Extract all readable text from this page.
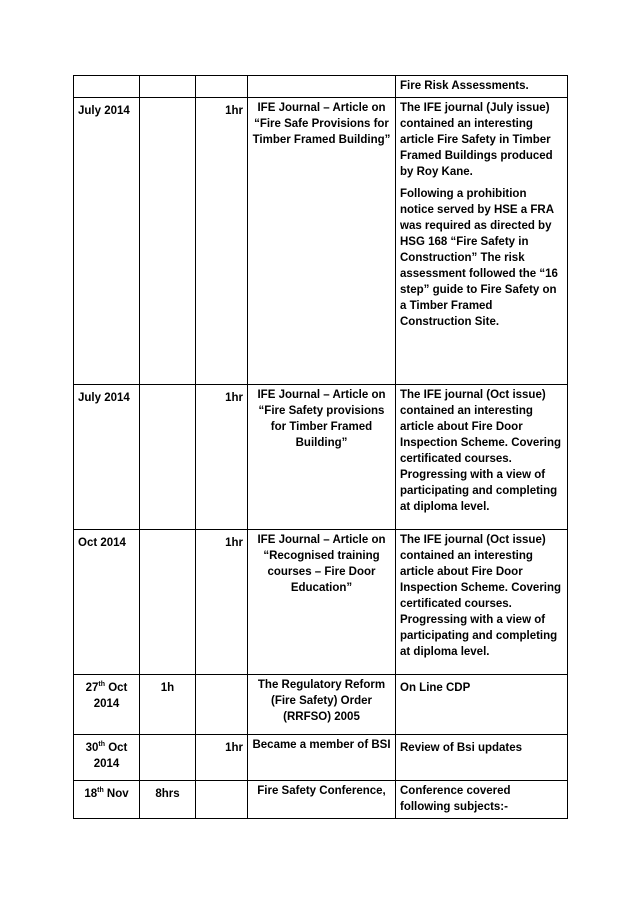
				Fire Risk Assessments.

July 2014		1hr	IFE Journal – Article on “Fire Safe Provisions for Timber Framed Building”	The IFE journal (July issue) contained an interesting article Fire Safety in Timber Framed Buildings produced by Roy Kane.
Following a prohibition notice served by HSE a FRA was required as directed by HSG 168 “Fire Safety in Construction” The risk assessment followed the “16 step” guide to Fire Safety on a Timber Framed Construction Site.

July 2014		1hr	IFE Journal – Article on “Fire Safety provisions for Timber Framed Building”	The IFE journal (Oct issue) contained an interesting article about Fire Door Inspection Scheme. Covering certificated courses. Progressing with a view of participating and completing at diploma level.

Oct 2014		1hr	IFE Journal – Article on “Recognised training courses – Fire Door Education”	The IFE journal (Oct issue) contained an interesting article about Fire Door Inspection Scheme. Covering certificated courses. Progressing with a view of participating and completing at diploma level.

27th Oct 2014	1h		The Regulatory Reform (Fire Safety) Order (RRFSO) 2005	On Line CDP

30th Oct 2014		1hr	Became a member of BSI	Review of Bsi updates

18th Nov	8hrs		Fire Safety Conference,	Conference covered following subjects:-
